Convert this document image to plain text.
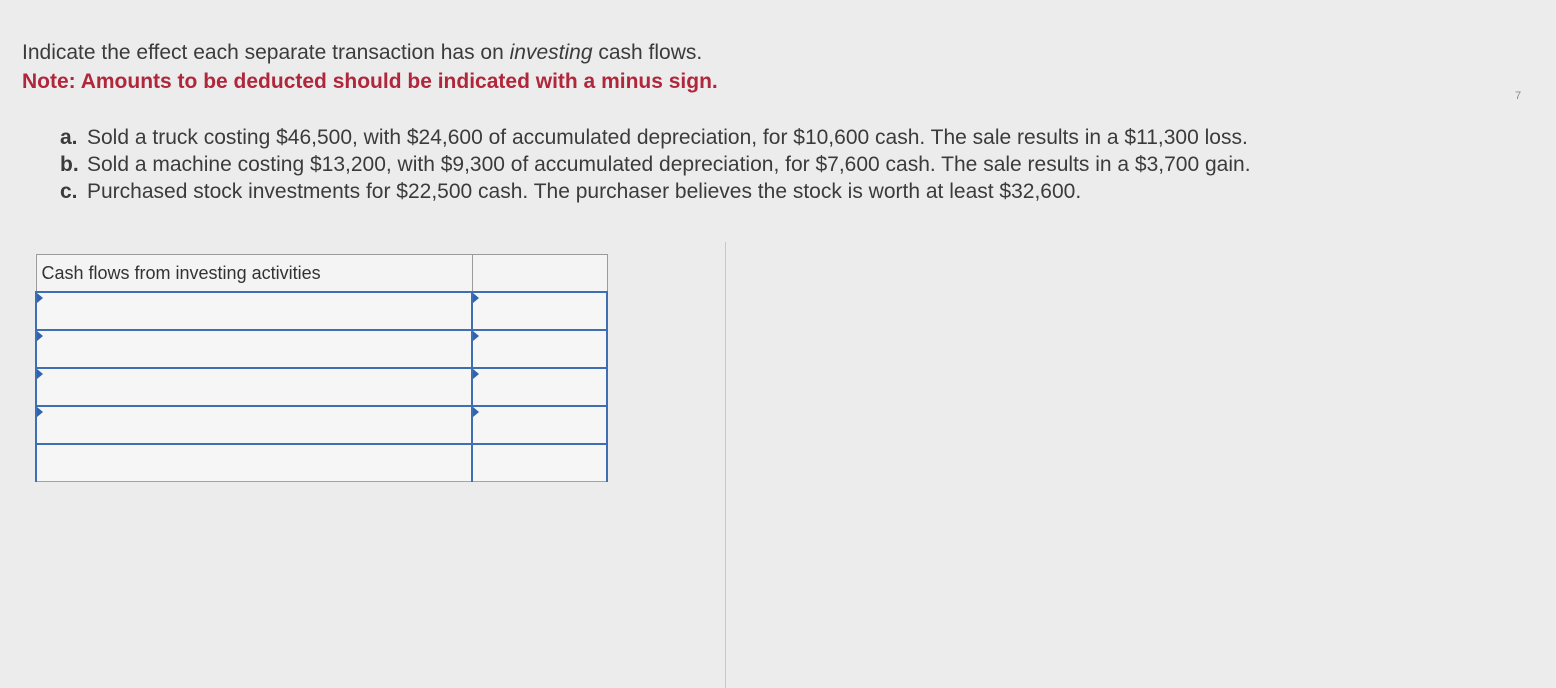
Indicate the effect each separate transaction has on investing cash flows.
Note: Amounts to be deducted should be indicated with a minus sign.
7
a. Sold a truck costing $46,500, with $24,600 of accumulated depreciation, for $10,600 cash. The sale results in a $11,300 loss.
b. Sold a machine costing $13,200, with $9,300 of accumulated depreciation, for $7,600 cash. The sale results in a $3,700 gain.
c. Purchased stock investments for $22,500 cash. The purchaser believes the stock is worth at least $32,600.
Cash flows from investing activities	
